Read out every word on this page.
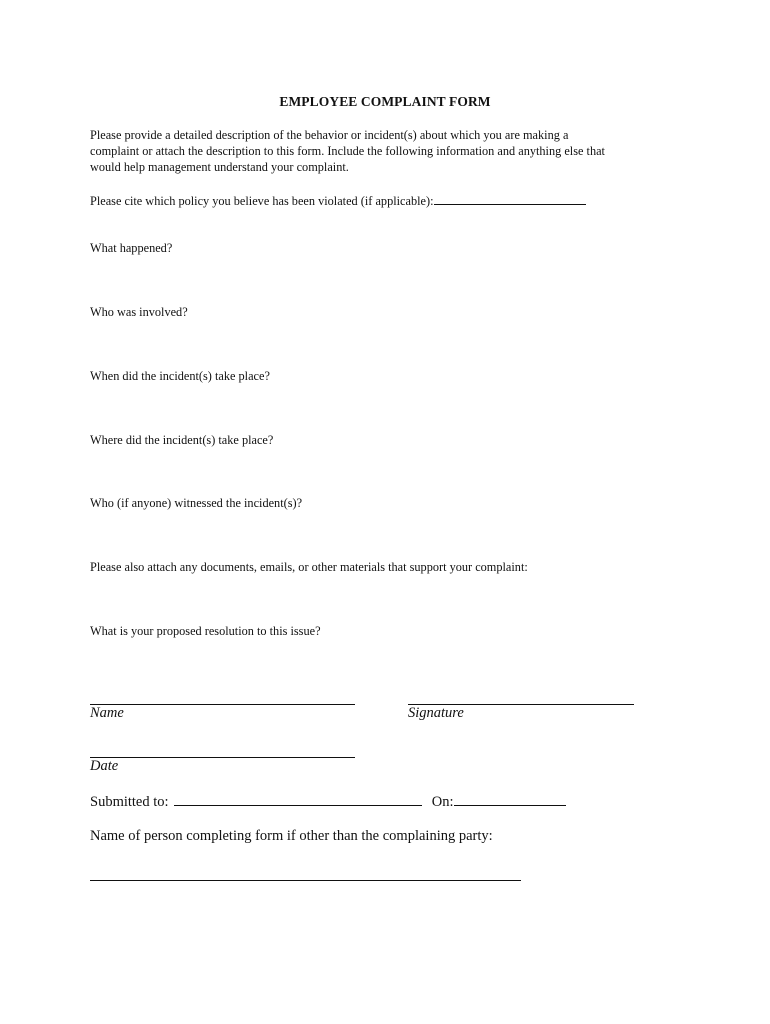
EMPLOYEE COMPLAINT FORM
Please provide a detailed description of the behavior or incident(s) about which you are making a
complaint or attach the description to this form. Include the following information and anything else that
would help management understand your complaint.
Please cite which policy you believe has been violated (if applicable):
What happened?
Who was involved?
When did the incident(s) take place?
Where did the incident(s) take place?
Who (if anyone) witnessed the incident(s)?
Please also attach any documents, emails, or other materials that support your complaint:
What is your proposed resolution to this issue?
Name	Signature
Date
Submitted to:	On:
Name of person completing form if other than the complaining party:
